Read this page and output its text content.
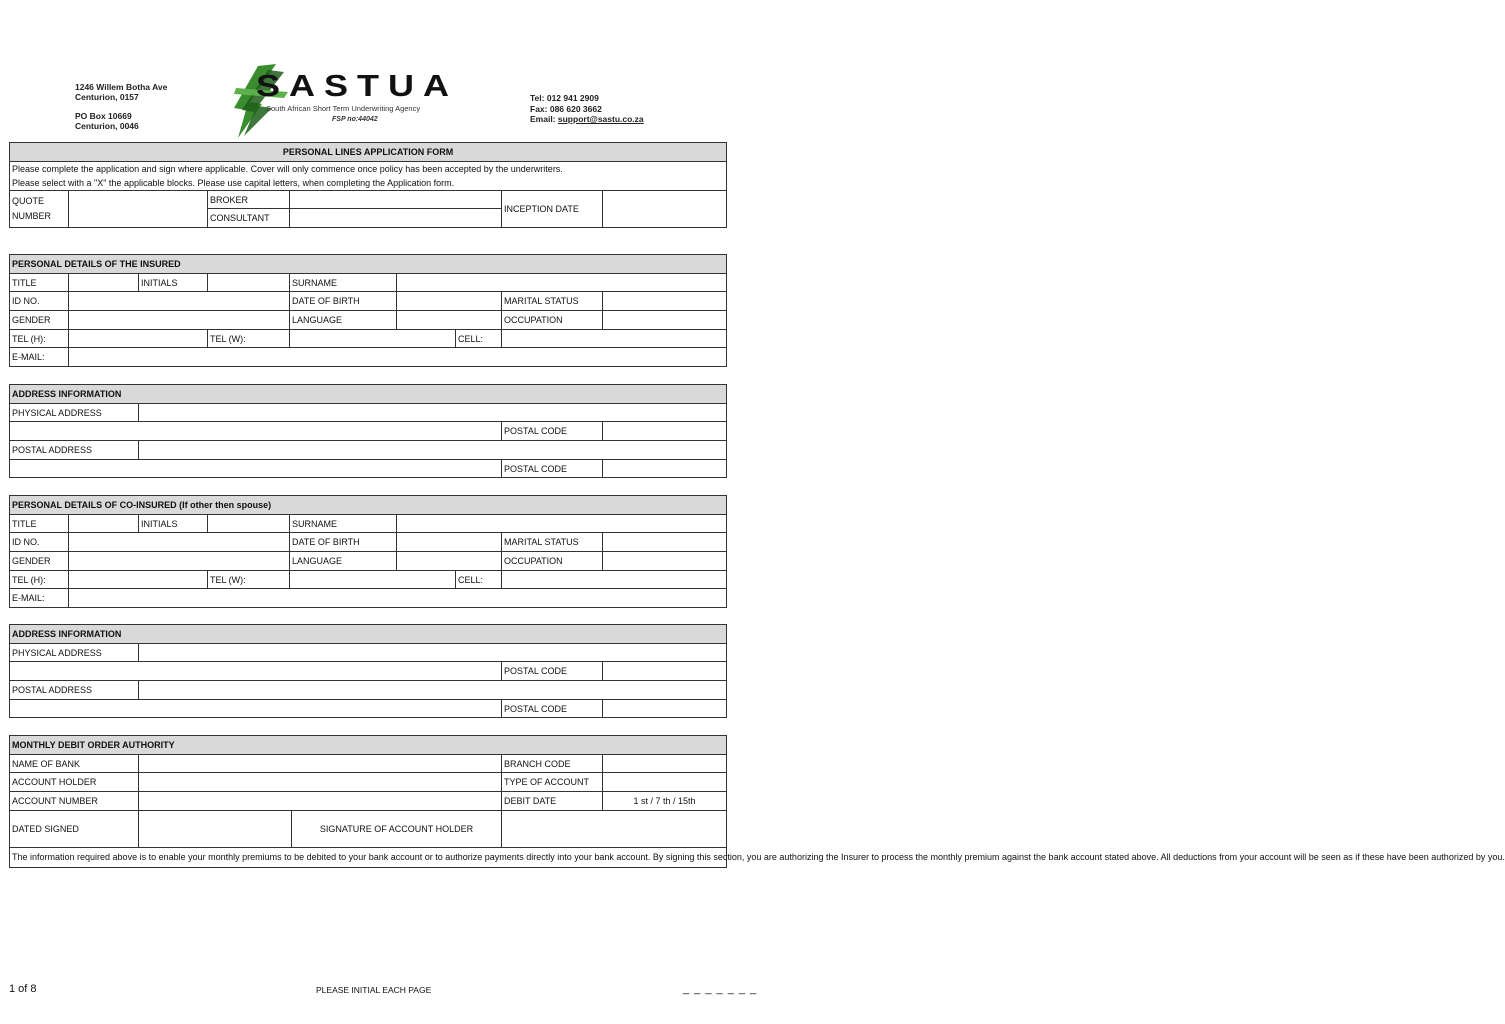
1246 Willem Botha Ave
Centurion, 0157
PO Box 10669
Centurion, 0046
SASTUA
South African Short Term Underwriting Agency
FSP no:44042
Tel: 012 941 2909
Fax: 086 620 3662
Email: support@sastu.co.za
PERSONAL LINES APPLICATION FORM					

Please complete the application and sign where applicable. Cover will only commence once policy has been accepted by the underwriters.
Please select with a "X" the applicable blocks. Please use capital letters, when completing the Application form.					

QUOTE
NUMBER		BROKER		INCEPTION DATE	
		CONSULTANT			
PERSONAL DETAILS OF THE INSURED								
TITLE		INITIALS		SURNAME				
ID NO.				DATE OF BIRTH			MARITAL STATUS	
GENDER				LANGUAGE			OCCUPATION	
TEL (H):			TEL (W):			CELL:		
E-MAIL:								
ADDRESS INFORMATION			
PHYSICAL ADDRESS			
		POSTAL CODE	
POSTAL ADDRESS			
		POSTAL CODE	
PERSONAL DETAILS OF CO-INSURED (If other then spouse)								
TITLE		INITIALS		SURNAME				
ID NO.				DATE OF BIRTH			MARITAL STATUS	
GENDER				LANGUAGE			OCCUPATION	
TEL (H):			TEL (W):			CELL:		
E-MAIL:								
ADDRESS INFORMATION			
PHYSICAL ADDRESS			
		POSTAL CODE	
POSTAL ADDRESS			
		POSTAL CODE	
MONTHLY DEBIT ORDER AUTHORITY				
NAME OF BANK			BRANCH CODE	
ACCOUNT HOLDER			TYPE OF ACCOUNT	
ACCOUNT NUMBER			DEBIT DATE	1 st / 7 th / 15th
DATED SIGNED		SIGNATURE OF ACCOUNT HOLDER		
The information required above is to enable your monthly premiums to be debited to your bank account or to authorize payments directly into your bank account. By signing this section, you are authorizing the Insurer to process the monthly premium against the bank account stated above. All deductions from your account will be seen as if these have been authorized by you.				
1 of 8	PLEASE INITIAL EACH PAGE	_ _ _ _ _ _ _
